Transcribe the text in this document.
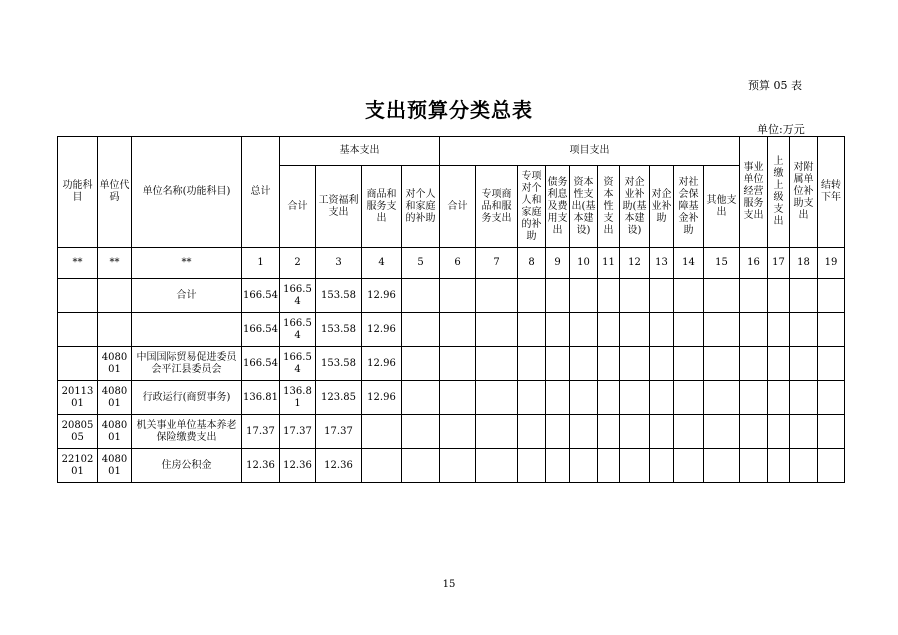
预算 05 表
支出预算分类总表
单位:万元
功能科目	单位代码	单位名称(功能科目)	总计	基本支出				项目支出										事业单位经营服务支出	上缴上级支出	对附属单位补助支出	结转下年
				合计	工资福利支出	商品和服务支出	对个人和家庭的补助	合计	专项商品和服务支出	专项对个人和家庭的补助	债务利息及费用支出	资本性支出(基本建设)	资本性支出	对企业补助(基本建设)	对企业补助	对社会保障基金补助	其他支出				
**	**	**	1	2	3	4	5	6	7	8	9	10	11	12	13	14	15	16	17	18	19
		合计	166.54	166.54	153.58	12.96															
			166.54	166.54	153.58	12.96															
	408001	中国国际贸易促进委员会平江县委员会	166.54	166.54	153.58	12.96															
2011301	408001	行政运行(商贸事务)	136.81	136.81	123.85	12.96															
2080505	408001	机关事业单位基本养老保险缴费支出	17.37	17.37	17.37																
2210201	408001	住房公积金	12.36	12.36	12.36																
15
